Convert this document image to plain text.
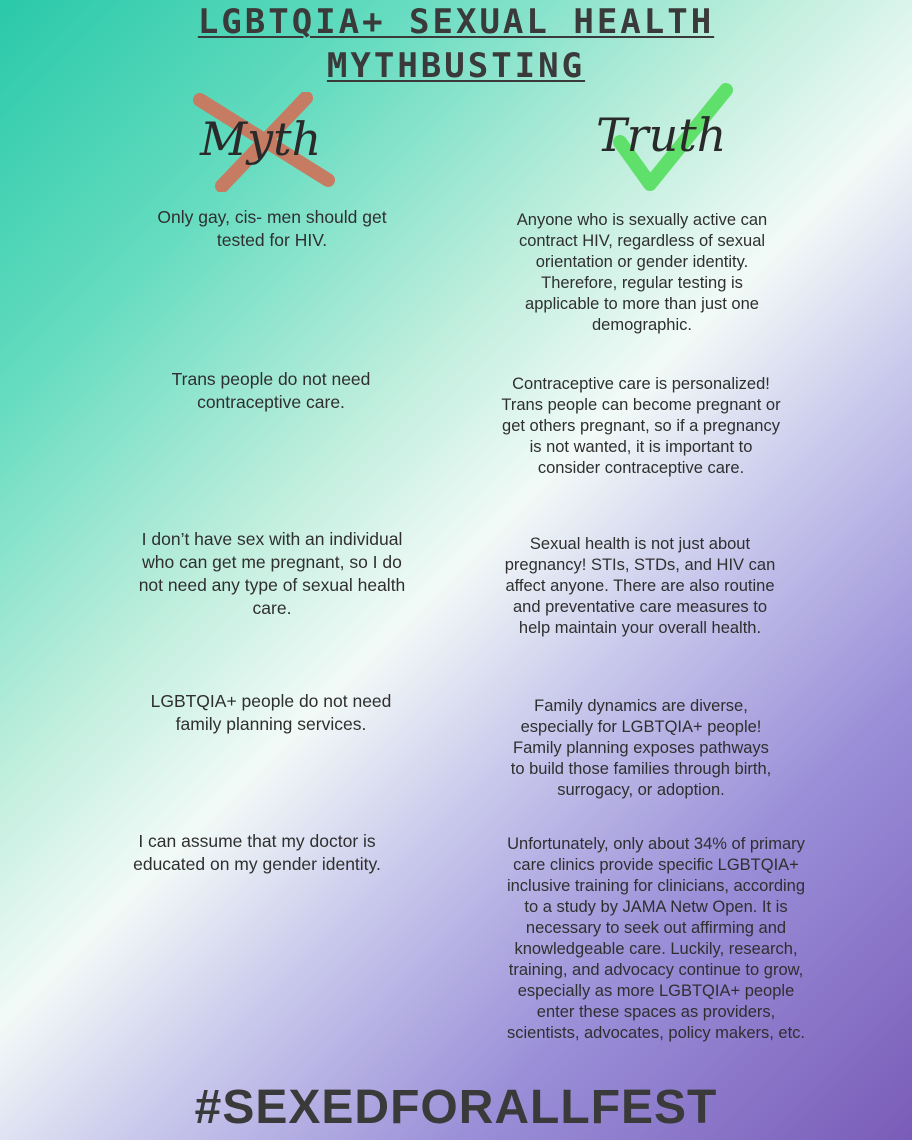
LGBTQIA+ SEXUAL HEALTH
MYTHBUSTING
Myth	Truth
Only gay, cis- men should get tested for HIV.
Anyone who is sexually active can contract HIV, regardless of sexual orientation or gender identity. Therefore, regular testing is applicable to more than just one demographic.
Trans people do not need contraceptive care.
Contraceptive care is personalized! Trans people can become pregnant or get others pregnant, so if a pregnancy is not wanted, it is important to consider contraceptive care.
I don’t have sex with an individual who can get me pregnant, so I do not need any type of sexual health care.
Sexual health is not just about pregnancy! STIs, STDs, and HIV can affect anyone. There are also routine and preventative care measures to help maintain your overall health.
LGBTQIA+ people do not need family planning services.
Family dynamics are diverse, especially for LGBTQIA+ people! Family planning exposes pathways to build those families through birth, surrogacy, or adoption.
I can assume that my doctor is educated on my gender identity.
Unfortunately, only about 34% of primary care clinics provide specific LGBTQIA+ inclusive training for clinicians, according to a study by JAMA Netw Open. It is necessary to seek out affirming and knowledgeable care. Luckily, research, training, and advocacy continue to grow, especially as more LGBTQIA+ people enter these spaces as providers, scientists, advocates, policy makers, etc.
#SEXEDFORALLFEST
